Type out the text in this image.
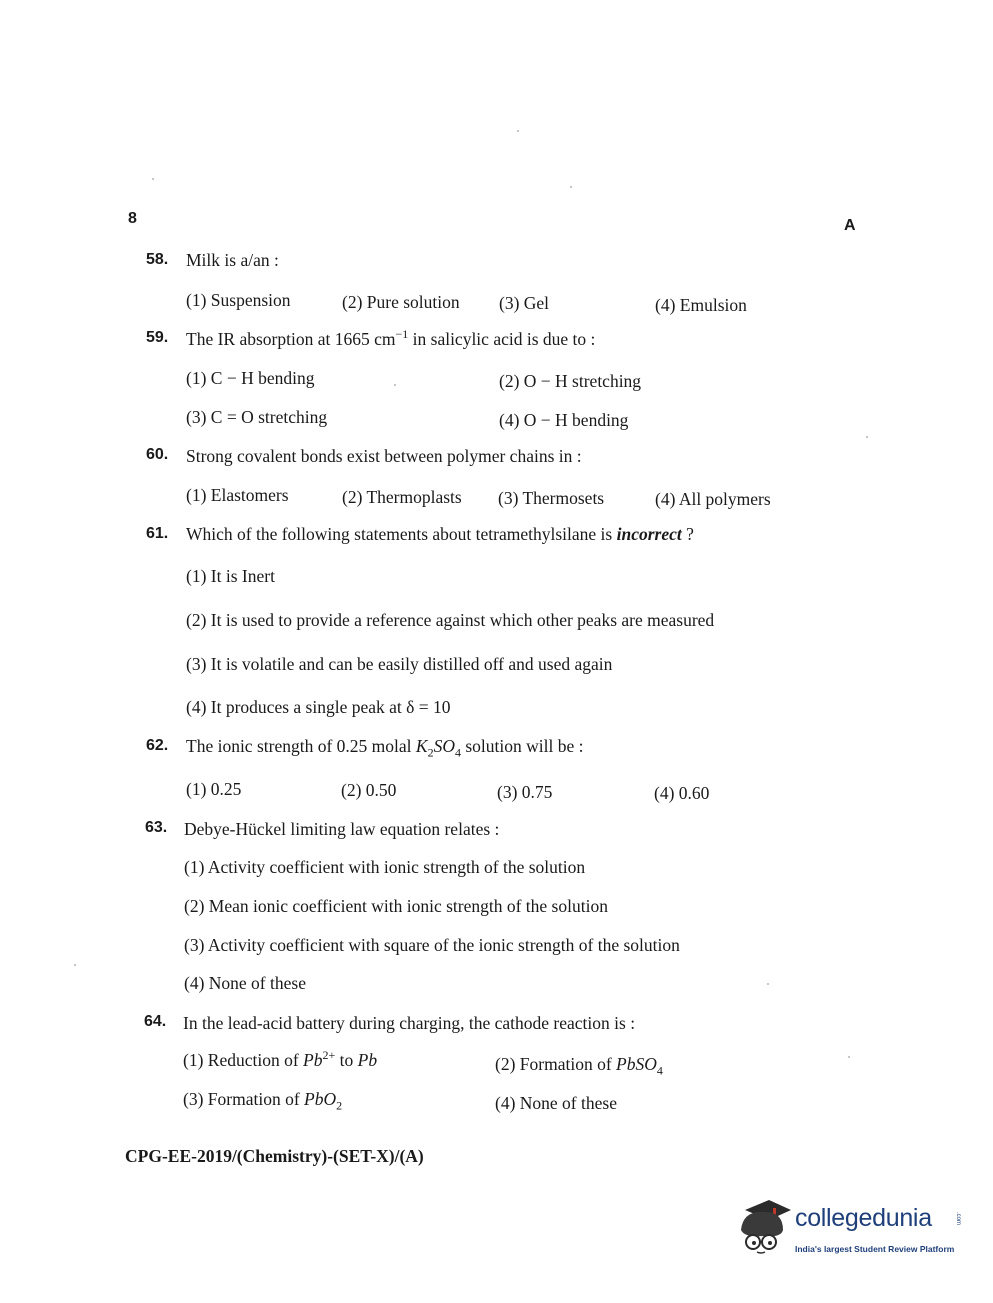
8	A
58. Milk is a/an :
(1) Suspension	(2) Pure solution (3) Gel	(4) Emulsion
59. The IR absorption at 1665 $cm^{-1}$ in salicylic acid is due to :
(1) C − H bending	(2) O − H stretching
(3) C = O stretching	(4) O − H bending
60. Strong covalent bonds exist between polymer chains in :
(1) Elastomers	(2) Thermoplasts (3) Thermosets	(4) All polymers
61. Which of the following statements about tetramethylsilane is incorrect ?
(1) It is Inert
(2) It is used to provide a reference against which other peaks are measured
(3) It is volatile and can be easily distilled off and used again
(4) It produces a single peak at δ = 10
62. The ionic strength of 0.25 molal $K_2SO_4$ solution will be :
(1) 0.25	(2) 0.50	(3) 0.75	(4) 0.60
63. Debye-Hückel limiting law equation relates :
(1) Activity coefficient with ionic strength of the solution
(2) Mean ionic coefficient with ionic strength of the solution
(3) Activity coefficient with square of the ionic strength of the solution
(4) None of these
64. In the lead-acid battery during charging, the cathode reaction is :
(1) Reduction of $Pb^{2+}$ to Pb	(2) Formation of PbSO$_4$
(3) Formation of PbO$_2$	(4) None of these
CPG-EE-2019/(Chemistry)-(SET-X)/(A)
collegedunia	.com
India's largest Student Review Platform
